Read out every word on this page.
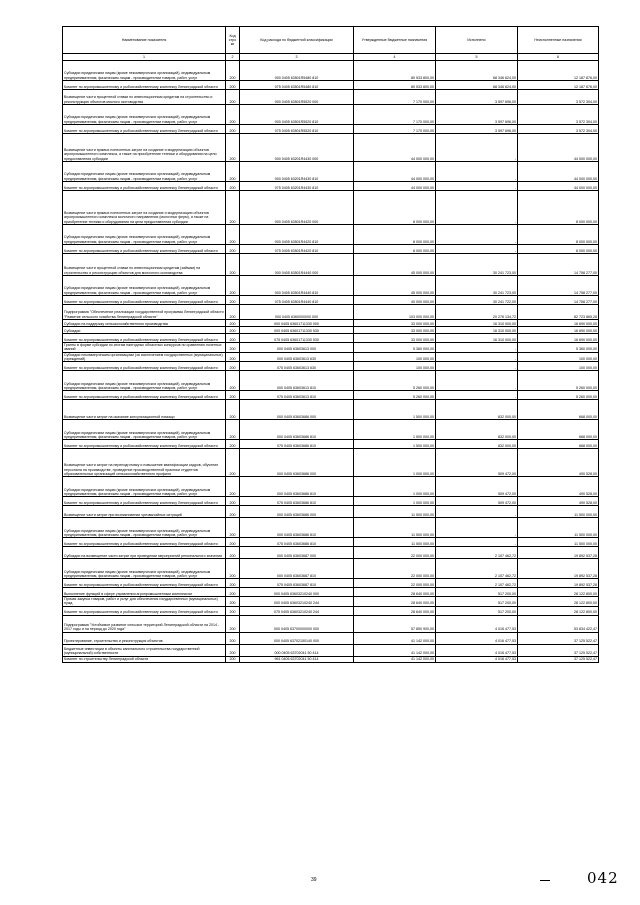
Наименование показателя	Код стро ки	Код расхода по бюджетной классификации	Утвержденные бюджетные назначения	Исполнено	Неисполненные назначения
1	2	3	4	5	6
Субсидии юридическим лицам (кроме некоммерческих организаций), индивидуальным предпринимателям, физическим лицам - производителям товаров, работ, услуг	200	000 0405 63501R5480 810	80 533 800,00	68 346 624,00	12 187 876,00
Комитет по агропромышленному и рыбохозяйственному комплексу Ленинградской области	200	075 0405 63501R5480 810	80 533 800,00	68 346 624,00	12 187 676,00
Возмещение части процентной ставки по инвестиционным кредитам на строительство и реконструкцию объектов мясного скотоводства	200	000 0405 63501R5520 000	7 170 000,00	3 597 696,00	3 572 304,00
Субсидии юридическим лицам (кроме некоммерческих организаций), индивидуальным предпринимателям, физическим лицам - производителям товаров, работ, услуг	200	000 0405 63501R5520 810	7 170 000,00	3 597 696,00	3 572 304,00
Комитет по агропромышленному и рыбохозяйственному комплексу Ленинградской области	200	075 0405 63501R5520 810	7 170 000,00	3 597 696,00	3 572 304,00
Возмещение части прямых понесенных затрат на создание и модернизацию объектов агропромышленного комплекса, а также на приобретение техники и оборудования на цели предоставления субсидии	200	000 0405 63201R4430 000	44 000 000,00	-	44 000 000,00
Субсидии юридическим лицам (кроме некоммерческих организаций), индивидуальным предпринимателям, физическим лицам - производителям товаров, работ, услуг	200	000 0405 63201R4430 810	44 000 000,00	-	44 000 000,00
Комитет по агропромышленному и рыбохозяйственному комплексу Ленинградской области	200	075 0405 63201R4430 810	44 000 000,00	-	44 000 000,00
Возмещение части прямых понесенных затрат на создание и модернизацию объектов агропромышленного комплекса молочного направления (молочных ферм), а также на приобретение техники и оборудования на цели предоставления субсидии	200	000 0405 63501R4420 000	8 000 000,00	-	8 000 000,00
Субсидии юридическим лицам (кроме некоммерческих организаций), индивидуальным предпринимателям, физическим лицам - производителям товаров, работ, услуг	200	000 0405 63501R4420 810	8 000 000,00	-	8 000 000,00
Комитет по агропромышленному и рыбохозяйственному комплексу Ленинградской области	200	075 0405 63501R4420 810	8 000 000,00	-	8 000 000,00
Возмещение части процентной ставки по инвестиционным кредитам (займам) на строительство и реконструкцию объектов для молочного скотоводства	200	000 0405 63501R4440 000	45 000 000,00	30 241 723,00	14 758 277,00
Субсидии юридическим лицам (кроме некоммерческих организаций), индивидуальным предпринимателям, физическим лицам - производителям товаров, работ, услуг	200	000 0405 63501R4440 810	45 000 000,00	30 241 723,00	14 758 277,00
Комитет по агропромышленному и рыбохозяйственному комплексу Ленинградской области	200	075 0405 63501R4440 810	40 000 000,00	30 241 722,00	14 758 277,00
Подпрограмма "Обеспечение реализации государственной программы Ленинградской области "Развитие сельского хозяйства Ленинградской области"	200	000 0405 6360000000 000	103 000 000,00	20 276 134,72	82 723 865,28
Субсидии на поддержку сельскохозяйственного производства	200	000 0405 63601711330 000	33 000 000,00	16 310 000,00	16 690 000,00
Субсидии	200	000 0405 63601711330 530	33 000 000,00	16 310 000,00	16 690 000,00
Комитет по агропромышленному и рыбохозяйственному комплексу Ленинградской области	200	075 0405 63601711330 530	33 000 000,00	16 310 000,00	16 690 000,00
Гранты в форме субсидии по итогам ежегодных областных конкурсов по сравнению почетных званий	200	000 0405 63603613 000	5 360 000,00	-	5 360 000,00
Субсидии некоммерческим организациям (за исключением государственных (муниципальных) учреждений)	200	000 0405 63603613 630	100 000,00	-	100 000,00
Комитет по агропромышленному и рыбохозяйственному комплексу Ленинградской области	200	075 0405 63603613 630	100 000,00	-	100 000,00
Субсидии юридическим лицам (кроме некоммерческих организаций), индивидуальным предпринимателям, физическим лицам - производителям товаров, работ, услуг	200	000 0405 63603613 810	5 260 000,00	-	5 260 000,00
Комитет по агропромышленному и рыбохозяйственному комплексу Ленинградской области	200	075 0405 63603613 810	5 260 000,00	-	5 260 000,00
Возмещение части затрат на оказание консультационной помощи	200	000 0405 63603686 000	1 500 000,00	832 000,00	668 000,00
Субсидии юридическим лицам (кроме некоммерческих организаций), индивидуальным предпринимателям, физическим лицам - производителям товаров, работ, услуг	200	000 0405 63603686 810	1 500 000,00	832 000,00	668 000,00
Комитет по агропромышленному и рыбохозяйственному комплексу Ленинградской области	200	075 0405 63603686 810	1 500 000,00	832 000,00	668 000,00
Возмещение части затрат на переподготовку и повышение квалификации кадров, обучение персонала на производстве, проведение производственной практики студентов образовательных организаций сельскохозяйственного профиля	200	000 0405 63603686 000	1 000 000,00	509 472,00	490 528,00
Субсидии юридическим лицам (кроме некоммерческих организаций), индивидуальным предпринимателям, физическим лицам - производителям товаров, работ, услуг	200	000 0405 63603686 810	1 000 000,00	509 472,00	490 528,00
Комитет по агропромышленному и рыбохозяйственному комплексу Ленинградской области	200	075 0405 63603686 810	1 000 000,00	509 472,00	490 528,00
Возмещение части затрат при возникновении чрезвычайных ситуаций	200	000 0405 63603686 000	11 500 000,00	-	11 500 000,00
Субсидии юридическим лицам (кроме некоммерческих организаций), индивидуальным предпринимателям, физическим лицам - производителям товаров, работ, услуг	200	000 0405 63603686 810	11 500 000,00	-	11 500 000,00
Комитет по агропромышленному и рыбохозяйственному комплексу Ленинградской области	200	075 0405 63603686 810	11 500 000,00	-	11 500 000,00
Субсидии на возмещение части затрат при проведении мероприятий регионального значения	200	000 0405 63603687 000	22 000 000,00	2 107 462,72	19 892 537,28
Субсидии юридическим лицам (кроме некоммерческих организаций), индивидуальным предпринимателям, физическим лицам - производителям товаров, работ, услуг	200	000 0405 63603687 810	22 000 000,00	2 107 462,72	19 892 537,28
Комитет по агропромышленному и рыбохозяйственному комплексу Ленинградской области	200	075 0405 63603687 810	22 000 000,00	2 107 462,72	19 892 537,28
Выполнение функций в сфере управления агропромышленным комплексом	200	000 0405 63603210240 000	28 640 000,00	517 200,00	28 122 800,00
Прочая закупка товаров, работ и услуг для обеспечения государственных (муниципальных) нужд	200	000 0405 63603210240 244	28 640 000,00	517 200,00	28 122 800,00
Комитет по агропромышленному и рыбохозяйственному комплексу Ленинградской области	200	075 0405 63603210240 244	28 640 000,00	517 200,00	28 122 800,00
Подпрограмма "Устойчивое развитие сельских территорий Ленинградской области на 2014 - 2017 годы и на период до 2020 года"	200	000 0405 63700000000 000	57 850 900,00	4 016 477,53	53 834 422,47
Проектирование, строительство и реконструкция объектов	200	000 0405 63702150140 000	41 142 000,00	4 016 477,53	37 125 522,47
Бюджетные инвестиции в объекты капитального строительства государственной (муниципальной) собственности	200	000 0405 63702041 50 414	41 142 000,00	4 016 477,53	37 125 522,47
Комитет по строительству Ленинградской области	200	961 0405 63702041 50 414	41 142 000,00	4 016 477,53	37 125 522,47
39	042
